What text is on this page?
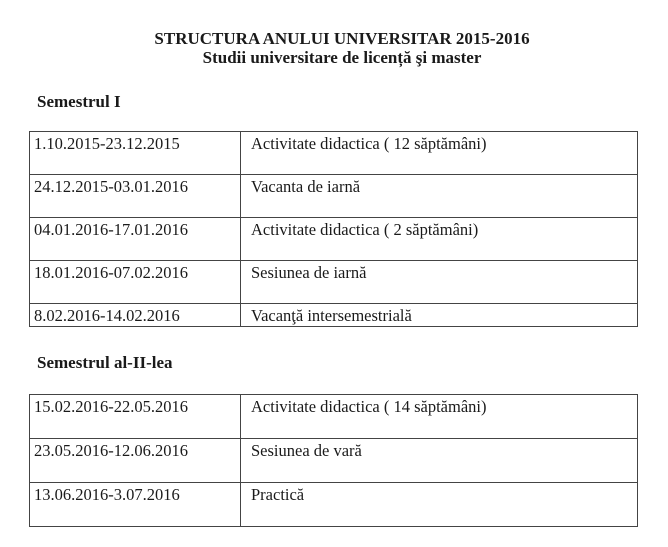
STRUCTURA ANULUI UNIVERSITAR 2015-2016
Studii universitare de licență şi master
Semestrul I
1.10.2015-23.12.2015	Activitate didactica ( 12 săptămâni)
24.12.2015-03.01.2016	Vacanta de iarnă
04.01.2016-17.01.2016	Activitate didactica ( 2 săptămâni)
18.01.2016-07.02.2016	Sesiunea de iarnă
8.02.2016-14.02.2016	Vacanţă intersemestrială
Semestrul al-II-lea
15.02.2016-22.05.2016	Activitate didactica ( 14 săptămâni)
23.05.2016-12.06.2016	Sesiunea de vară
13.06.2016-3.07.2016	Practică
